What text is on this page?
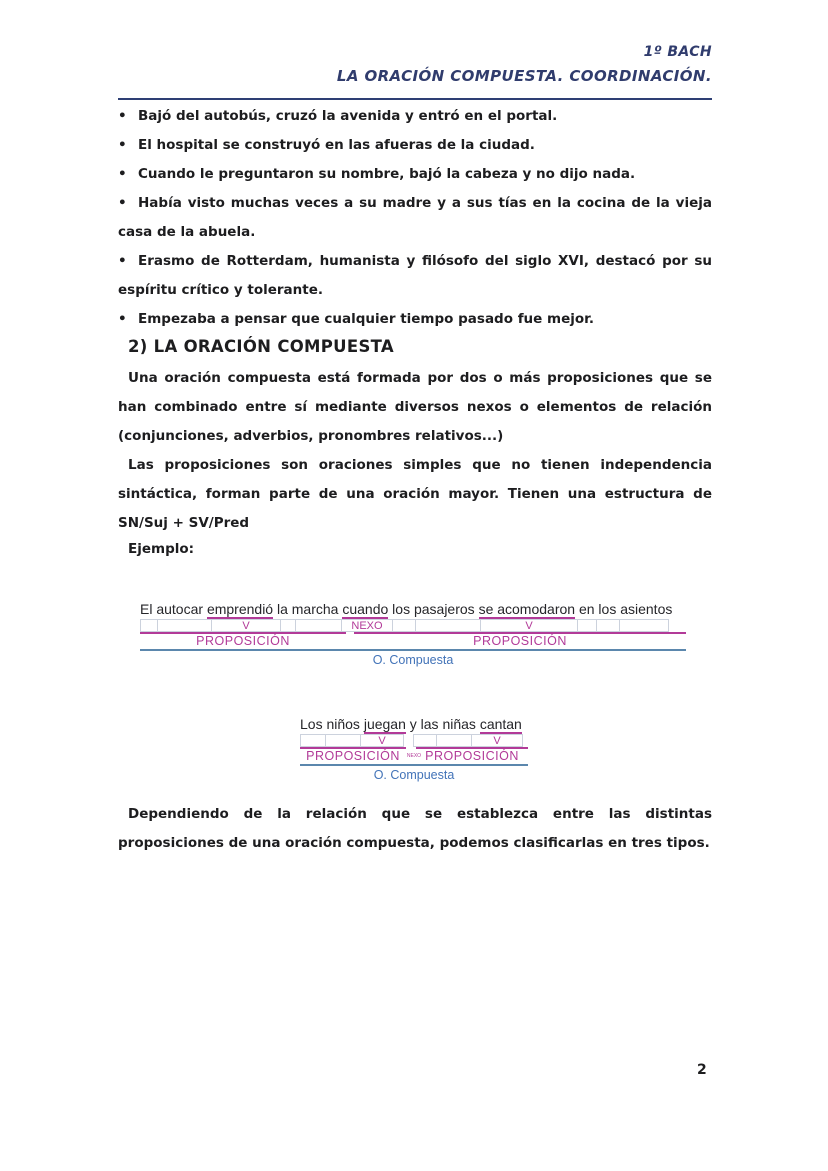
1º BACH
LA ORACIÓN COMPUESTA. COORDINACIÓN.
• Bajó del autobús, cruzó la avenida y entró en el portal.
• El hospital se construyó en las afueras de la ciudad.
• Cuando le preguntaron su nombre, bajó la cabeza y no dijo nada.
• Había visto muchas veces a su madre y a sus tías en la cocina de la vieja
casa de la abuela.
• Erasmo de Rotterdam, humanista y filósofo del siglo XVI, destacó por su
espíritu crítico y tolerante.
• Empezaba a pensar que cualquier tiempo pasado fue mejor.
2) LA ORACIÓN COMPUESTA
Una oración compuesta está formada por dos o más proposiciones que se
han combinado entre sí mediante diversos nexos o elementos de relación
(conjunciones, adverbios, pronombres relativos...)
Las proposiciones son oraciones simples que no tienen independencia
sintáctica, forman parte de una oración mayor. Tienen una estructura de
SN/Suj + SV/Pred
Ejemplo:
El autocar emprendió la marcha cuando los pasajeros se acomodaron en los asientos
V	NEXO	V
PROPOSICIÓN	PROPOSICIÓN
O. Compuesta
Los niños juegan y las niñas cantan
V	V
PROPOSICIÓN	NEXO PROPOSICIÓN
O. Compuesta
Dependiendo de la relación que se establezca entre las distintas
proposiciones de una oración compuesta, podemos clasificarlas en tres tipos.
2
